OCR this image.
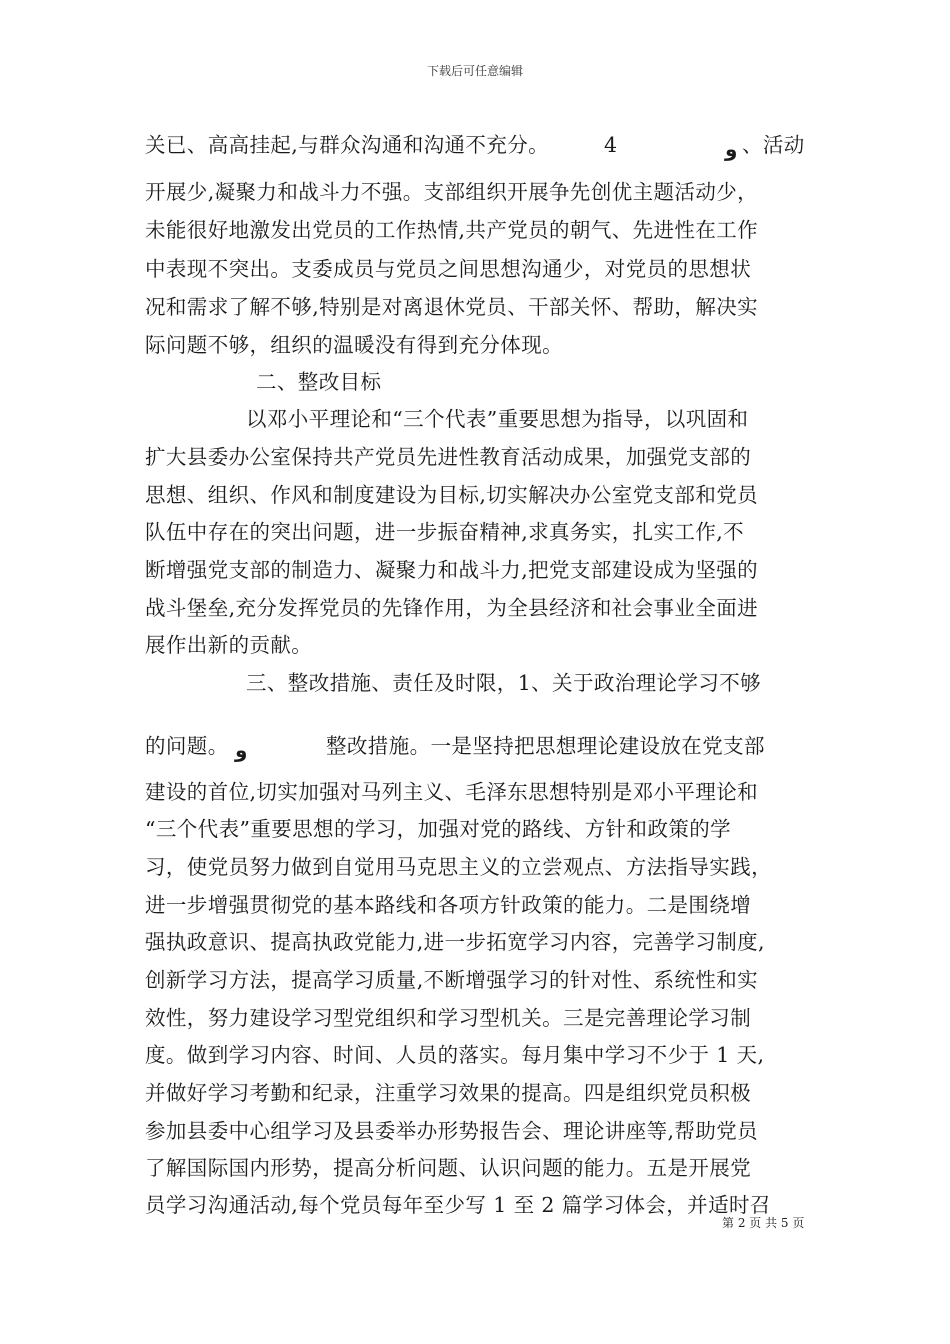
下载后可任意编辑
关已、高高挂起,与群众沟通和沟通不充分。	4	و 、活动
开展少,凝聚力和战斗力不强。支部组织开展争先创优主题活动少，
未能很好地激发出党员的工作热情,共产党员的朝气、先进性在工作
中表现不突出。支委成员与党员之间思想沟通少，对党员的思想状
况和需求了解不够,特别是对离退休党员、干部关怀、帮助，解决实
际问题不够，组织的温暖没有得到充分体现。
二、整改目标
以邓小平理论和“三个代表”重要思想为指导，以巩固和
扩大县委办公室保持共产党员先进性教育活动成果，加强党支部的
思想、组织、作风和制度建设为目标,切实解决办公室党支部和党员
队伍中存在的突出问题，进一步振奋精神,求真务实，扎实工作,不
断增强党支部的制造力、凝聚力和战斗力,把党支部建设成为坚强的
战斗堡垒,充分发挥党员的先锋作用，为全县经济和社会事业全面进
展作出新的贡献。
三、整改措施、责任及时限，1、关于政治理论学习不够
的问题。 و	整改措施。一是坚持把思想理论建设放在党支部
建设的首位,切实加强对马列主义、毛泽东思想特别是邓小平理论和
“三个代表”重要思想的学习，加强对党的路线、方针和政策的学
习，使党员努力做到自觉用马克思主义的立尝观点、方法指导实践，
进一步增强贯彻党的基本路线和各项方针政策的能力。二是围绕增
强执政意识、提高执政党能力,进一步拓宽学习内容，完善学习制度,
创新学习方法，提高学习质量,不断增强学习的针对性、系统性和实
效性，努力建设学习型党组织和学习型机关。三是完善理论学习制
度。做到学习内容、时间、人员的落实。每月集中学习不少于 1 天,
并做好学习考勤和纪录，注重学习效果的提高。四是组织党员积极
参加县委中心组学习及县委举办形势报告会、理论讲座等,帮助党员
了解国际国内形势，提高分析问题、认识问题的能力。五是开展党
员学习沟通活动,每个党员每年至少写 1 至 2 篇学习体会，并适时召
第 2 页 共 5 页
